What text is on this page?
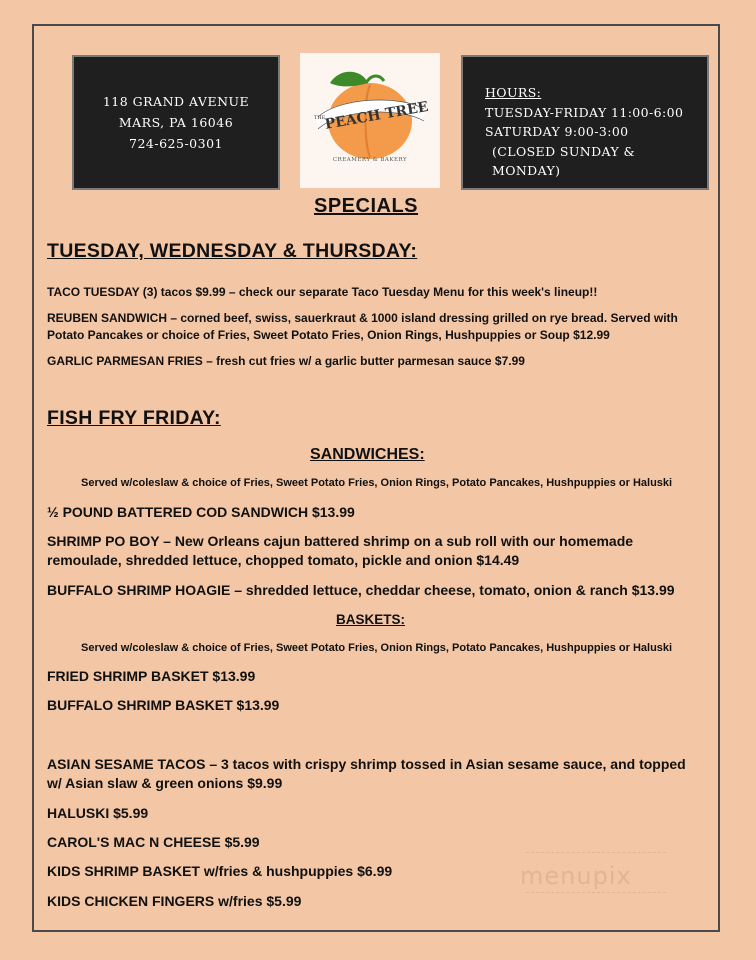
118 GRAND AVENUE
MARS, PA 16046
724-625-0301
THE
PEACH TREE
CREAMERY & BAKERY
HOURS:
TUESDAY-FRIDAY 11:00-6:00
SATURDAY 9:00-3:00
(CLOSED SUNDAY & MONDAY)
SPECIALS
TUESDAY, WEDNESDAY & THURSDAY:
TACO TUESDAY (3) tacos $9.99 – check our separate Taco Tuesday Menu for this week's lineup!!
REUBEN SANDWICH – corned beef, swiss, sauerkraut & 1000 island dressing grilled on rye bread. Served with
Potato Pancakes or choice of Fries, Sweet Potato Fries, Onion Rings, Hushpuppies or Soup $12.99
GARLIC PARMESAN FRIES – fresh cut fries w/ a garlic butter parmesan sauce $7.99
FISH FRY FRIDAY:
SANDWICHES:
Served w/coleslaw & choice of Fries, Sweet Potato Fries, Onion Rings, Potato Pancakes, Hushpuppies or Haluski
½ POUND BATTERED COD SANDWICH $13.99
SHRIMP PO BOY – New Orleans cajun battered shrimp on a sub roll with our homemade
remoulade, shredded lettuce, chopped tomato, pickle and onion $14.49
BUFFALO SHRIMP HOAGIE – shredded lettuce, cheddar cheese, tomato, onion & ranch $13.99
BASKETS:
Served w/coleslaw & choice of Fries, Sweet Potato Fries, Onion Rings, Potato Pancakes, Hushpuppies or Haluski
FRIED SHRIMP BASKET $13.99
BUFFALO SHRIMP BASKET $13.99
ASIAN SESAME TACOS – 3 tacos with crispy shrimp tossed in Asian sesame sauce, and topped
w/ Asian slaw & green onions $9.99
HALUSKI $5.99
CAROL'S MAC N CHEESE $5.99
KIDS SHRIMP BASKET w/fries & hushpuppies $6.99
KIDS CHICKEN FINGERS w/fries $5.99
menupix
